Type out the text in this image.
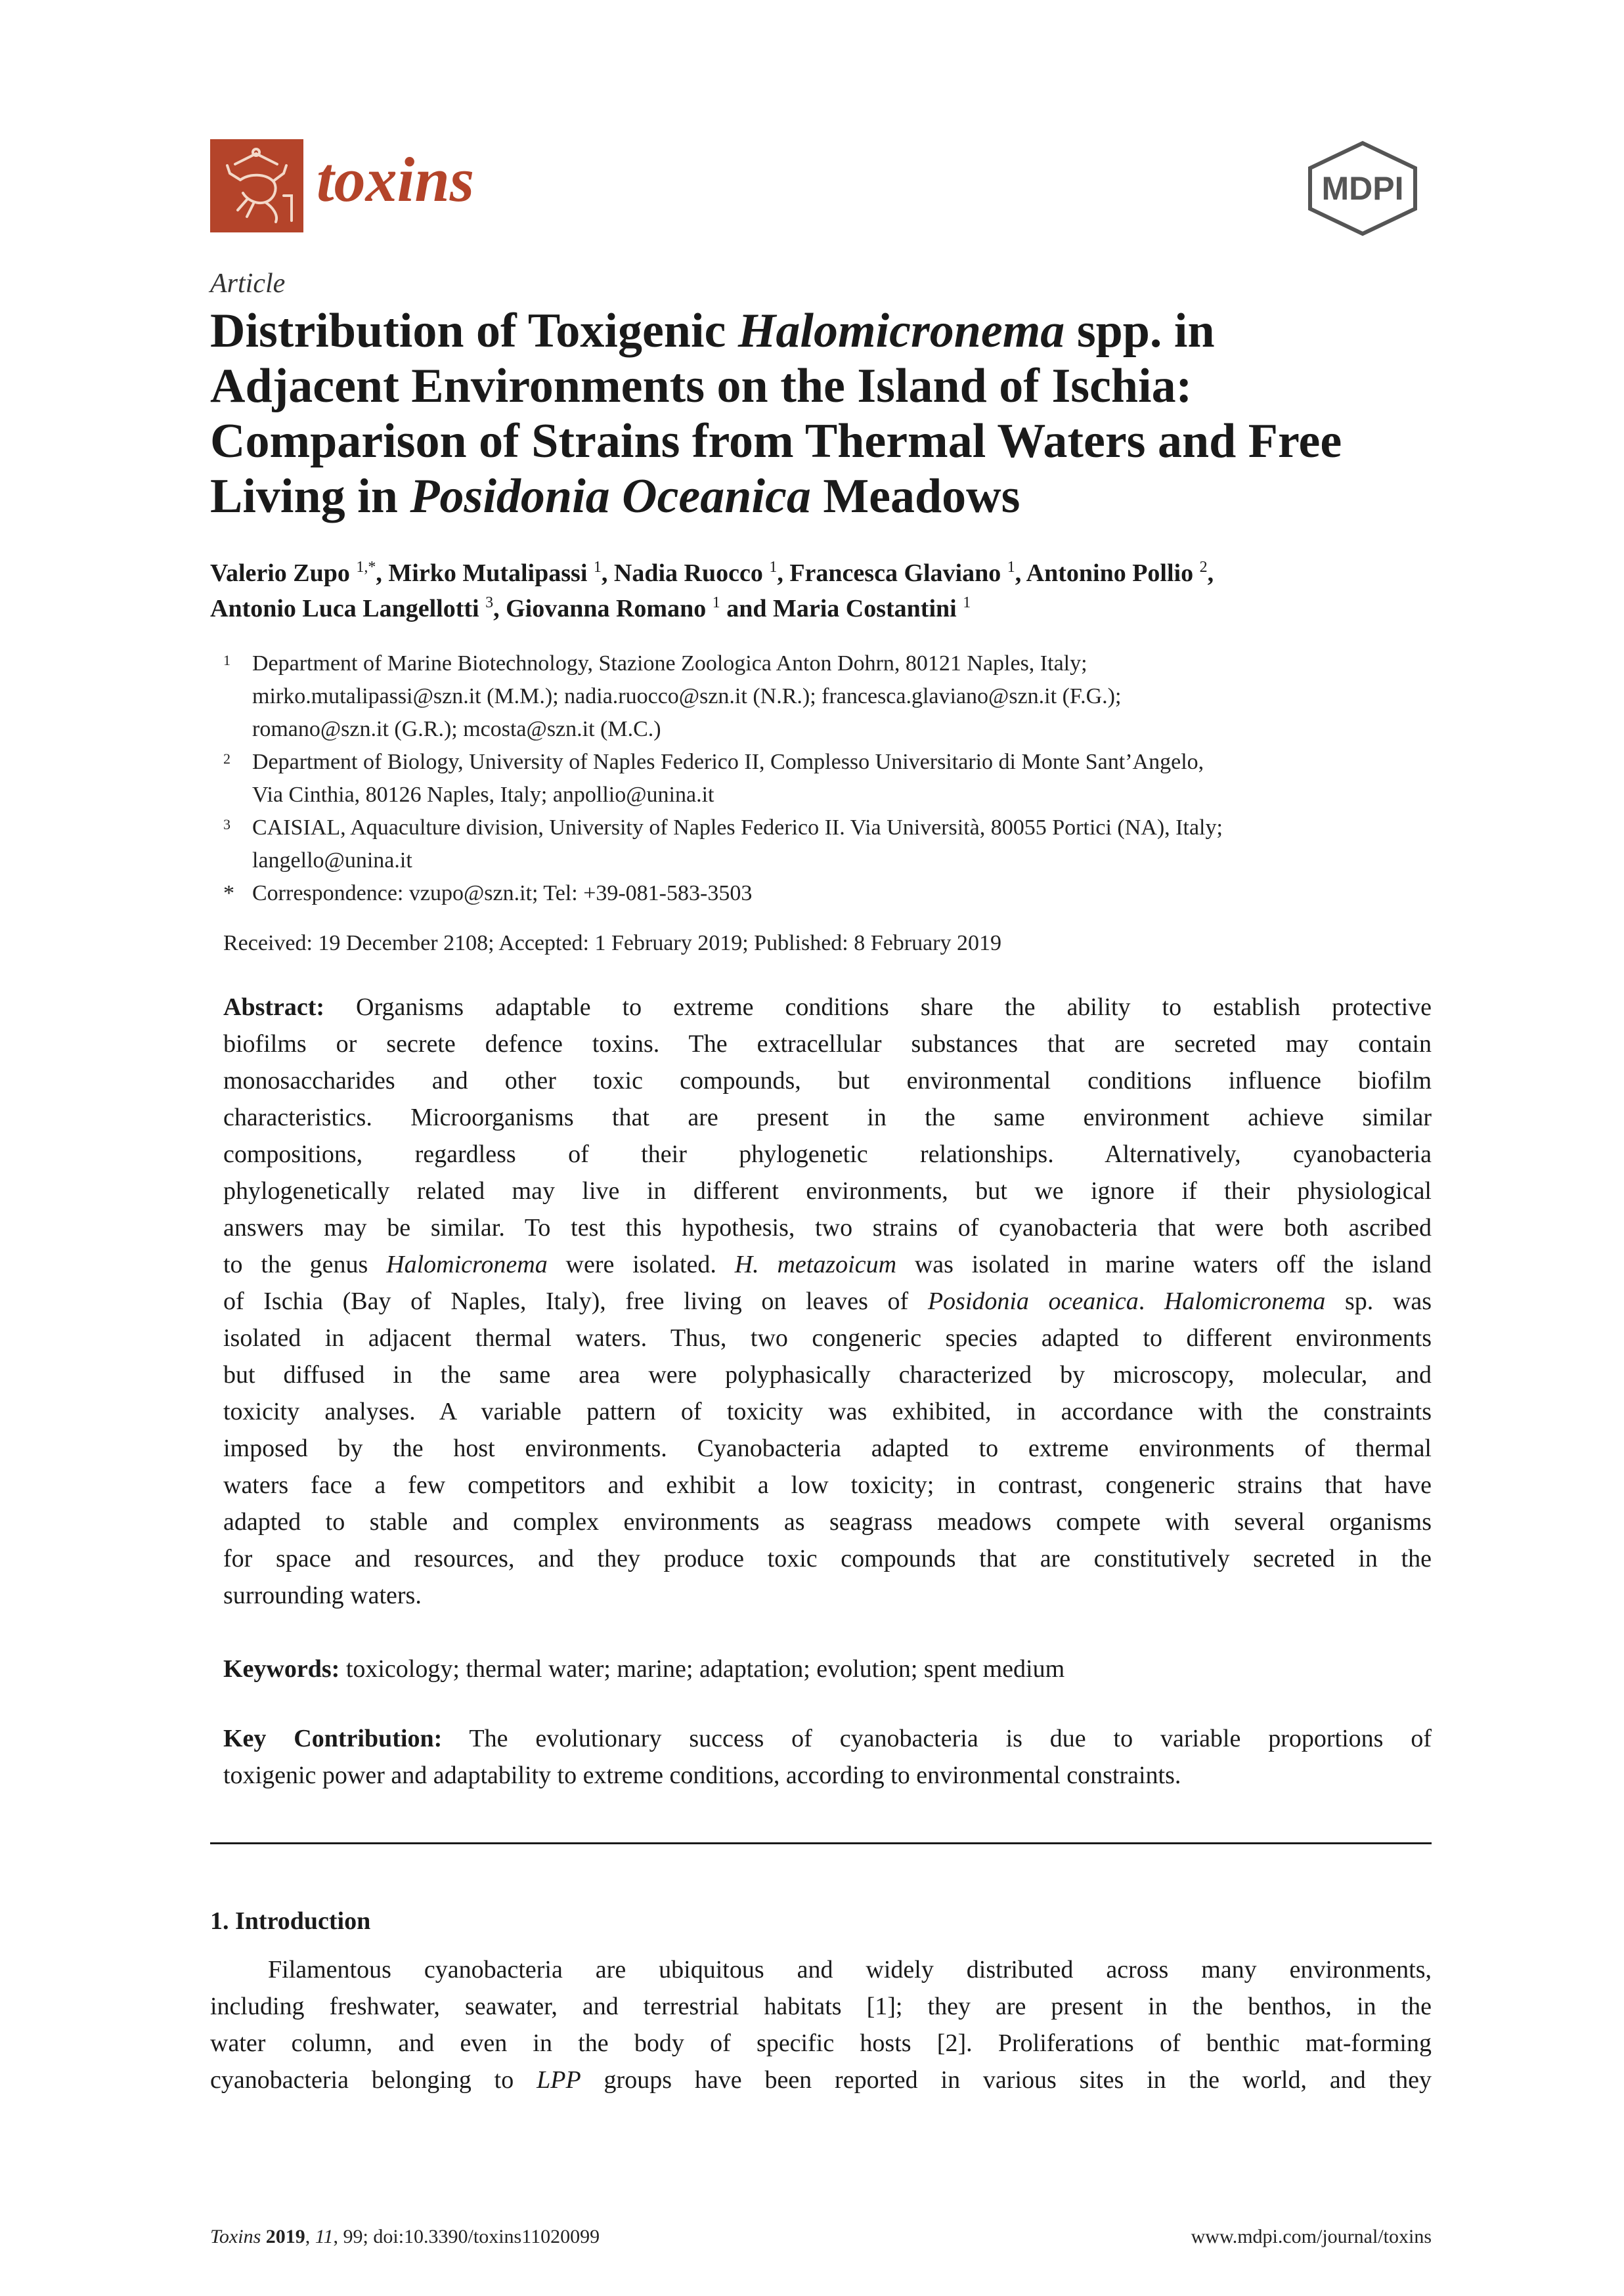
toxins	MDPI
Article
Distribution of Toxigenic Halomicronema spp. in
Adjacent Environments on the Island of Ischia:
Comparison of Strains from Thermal Waters and Free
Living in Posidonia Oceanica Meadows
Valerio Zupo $^{1,*}$, Mirko Mutalipassi $^1$, Nadia Ruocco $^1$, Francesca Glaviano $^1$, Antonino Pollio $^2$,
Antonio Luca Langellotti $^3$, Giovanna Romano $^1$ and Maria Costantini $^1$
1 Department of Marine Biotechnology, Stazione Zoologica Anton Dohrn, 80121 Naples, Italy;
mirko.mutalipassi@szn.it (M.M.); nadia.ruocco@szn.it (N.R.); francesca.glaviano@szn.it (F.G.);
romano@szn.it (G.R.); mcosta@szn.it (M.C.)
2 Department of Biology, University of Naples Federico II, Complesso Universitario di Monte Sant’Angelo,
Via Cinthia, 80126 Naples, Italy; anpollio@unina.it
3 CAISIAL, Aquaculture division, University of Naples Federico II. Via Università, 80055 Portici (NA), Italy;
langello@unina.it
* Correspondence: vzupo@szn.it; Tel: +39-081-583-3503
Received: 19 December 2108; Accepted: 1 February 2019; Published: 8 February 2019
Abstract: Organisms adaptable to extreme conditions share the ability to establish protective
biofilms or secrete defence toxins. The extracellular substances that are secreted may contain
monosaccharides and other toxic compounds, but environmental conditions influence biofilm
characteristics. Microorganisms that are present in the same environment achieve similar
compositions, regardless of their phylogenetic relationships. Alternatively, cyanobacteria
phylogenetically related may live in different environments, but we ignore if their physiological
answers may be similar. To test this hypothesis, two strains of cyanobacteria that were both ascribed
to the genus Halomicronema were isolated. H. metazoicum was isolated in marine waters off the island
of Ischia (Bay of Naples, Italy), free living on leaves of Posidonia oceanica. Halomicronema sp. was
isolated in adjacent thermal waters. Thus, two congeneric species adapted to different environments
but diffused in the same area were polyphasically characterized by microscopy, molecular, and
toxicity analyses. A variable pattern of toxicity was exhibited, in accordance with the constraints
imposed by the host environments. Cyanobacteria adapted to extreme environments of thermal
waters face a few competitors and exhibit a low toxicity; in contrast, congeneric strains that have
adapted to stable and complex environments as seagrass meadows compete with several organisms
for space and resources, and they produce toxic compounds that are constitutively secreted in the
surrounding waters.
Keywords: toxicology; thermal water; marine; adaptation; evolution; spent medium
Key Contribution: The evolutionary success of cyanobacteria is due to variable proportions of
toxigenic power and adaptability to extreme conditions, according to environmental constraints.
1. Introduction
Filamentous cyanobacteria are ubiquitous and widely distributed across many environments,
including freshwater, seawater, and terrestrial habitats [1]; they are present in the benthos, in the
water column, and even in the body of specific hosts [2]. Proliferations of benthic mat-forming
cyanobacteria belonging to LPP groups have been reported in various sites in the world, and they
Toxins 2019, 11, 99; doi:10.3390/toxins11020099	www.mdpi.com/journal/toxins
